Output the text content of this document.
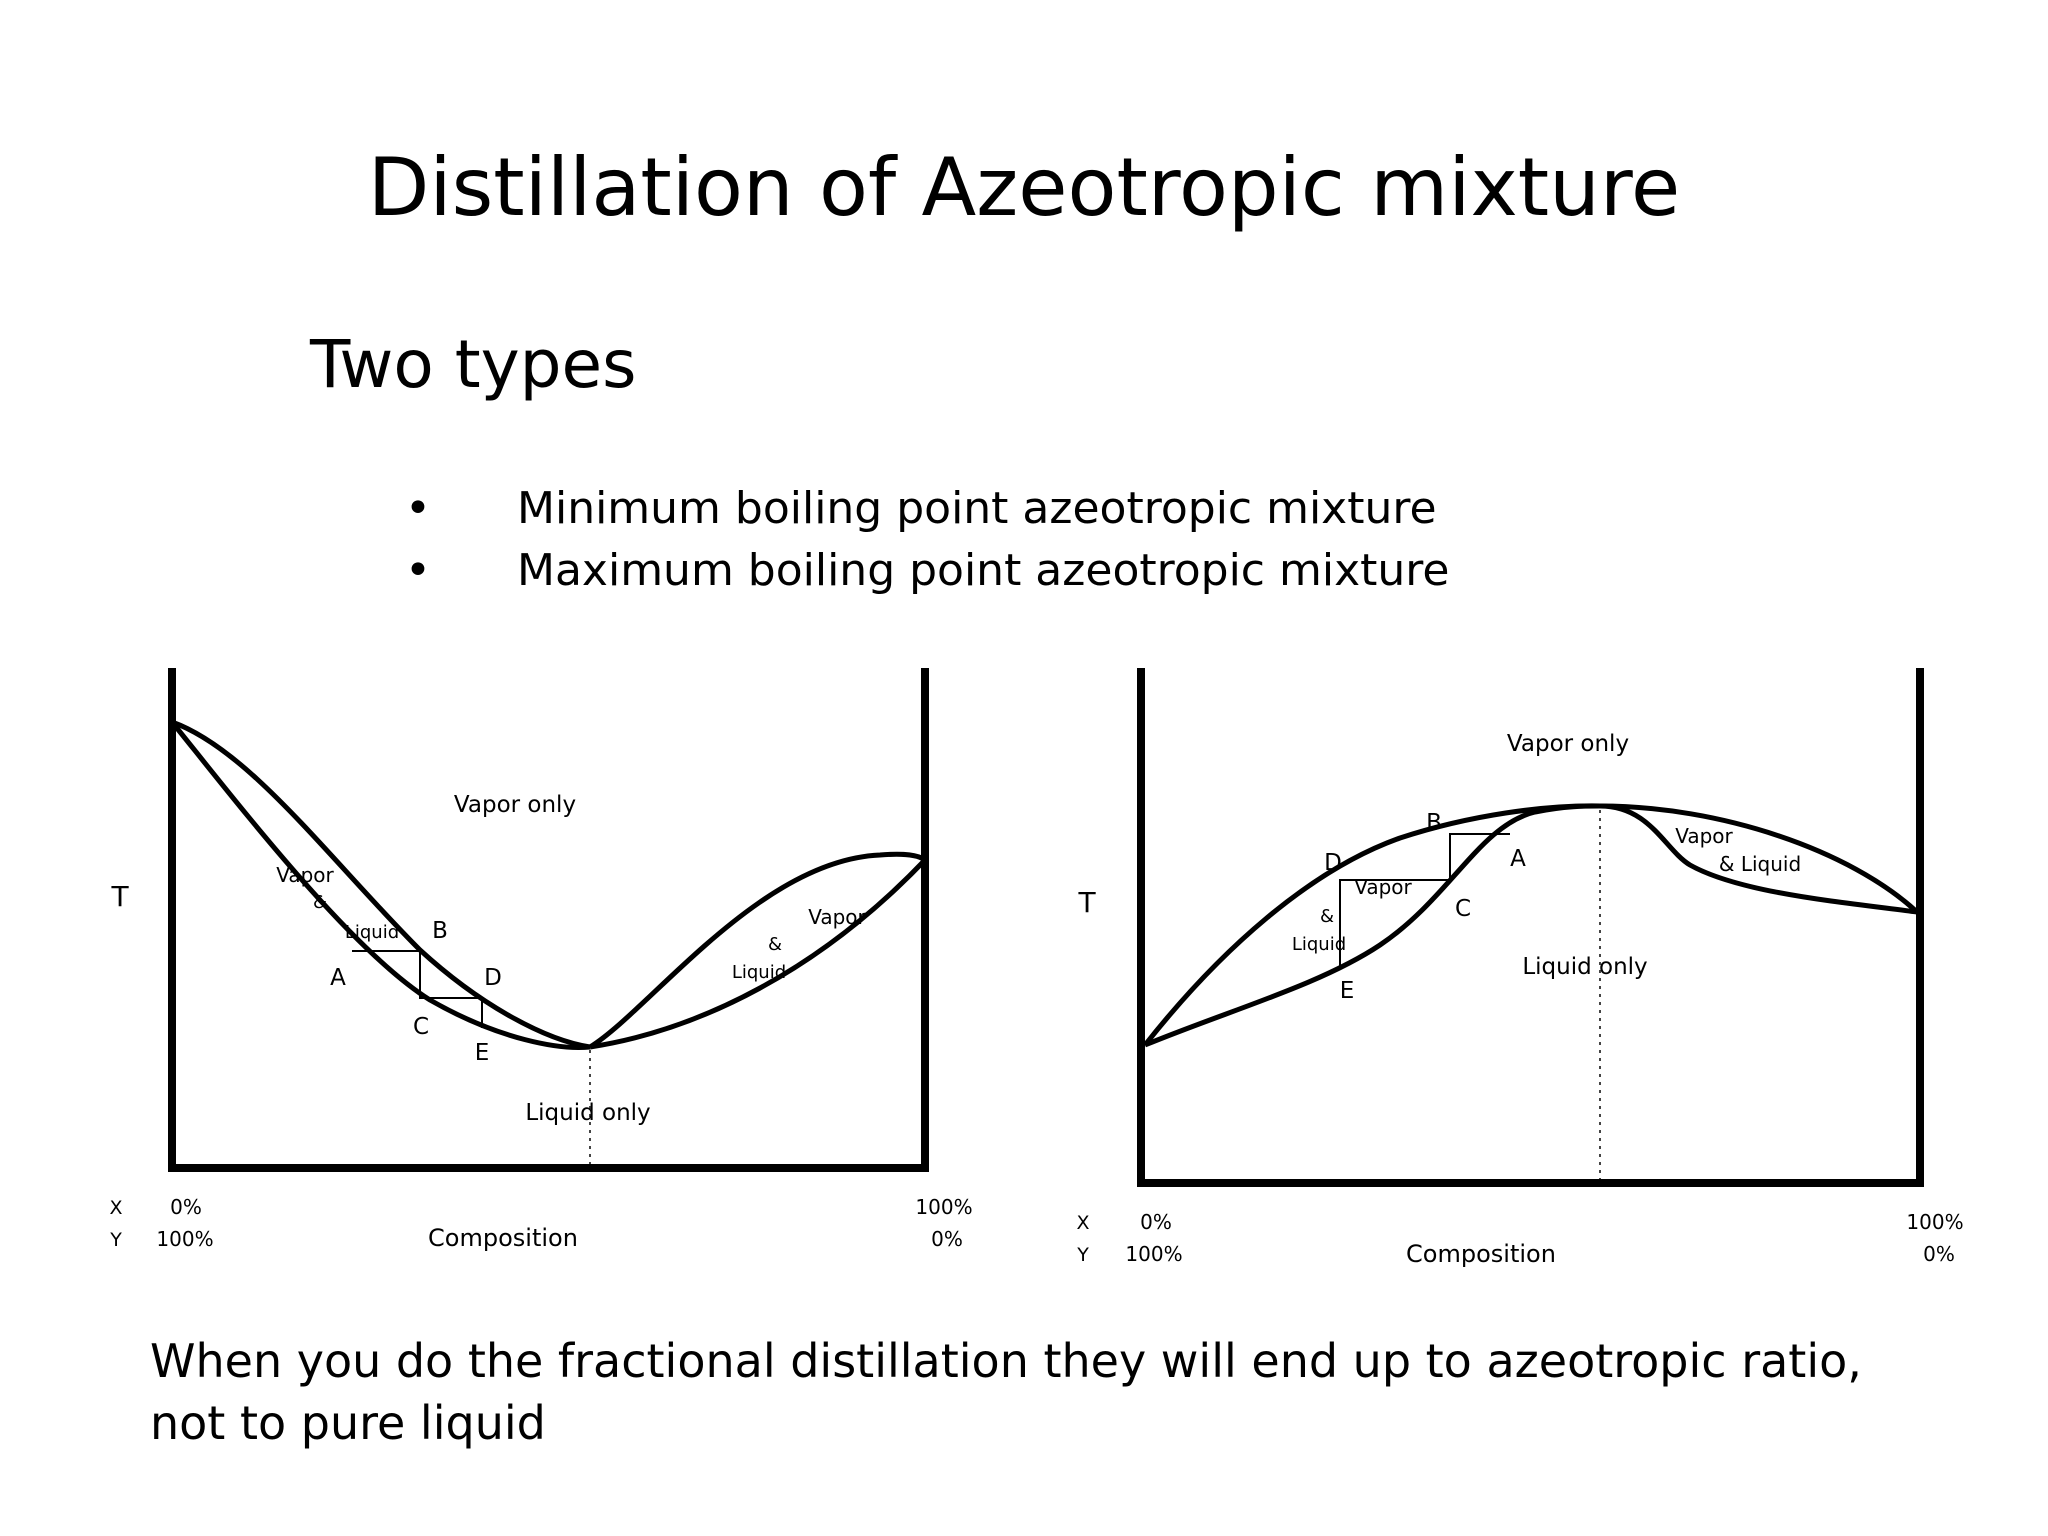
Distillation of Azeotropic mixture
Two types
• Minimum boiling point azeotropic mixture
• Maximum boiling point azeotropic mixture
T
Vapor only
Liquid only
Vapor
&
Liquid
Vapor
&
Liquid
A
B
C
D
E
X
Y
0%
100%
100%
0%
Composition
T
Vapor only
Liquid only
Vapor
&
Liquid
Vapor
& Liquid
A
B
C
D
E
X
Y
0%
100%
100%
0%
Composition
When you do the fractional distillation they will end up to azeotropic ratio, not to pure liquid
